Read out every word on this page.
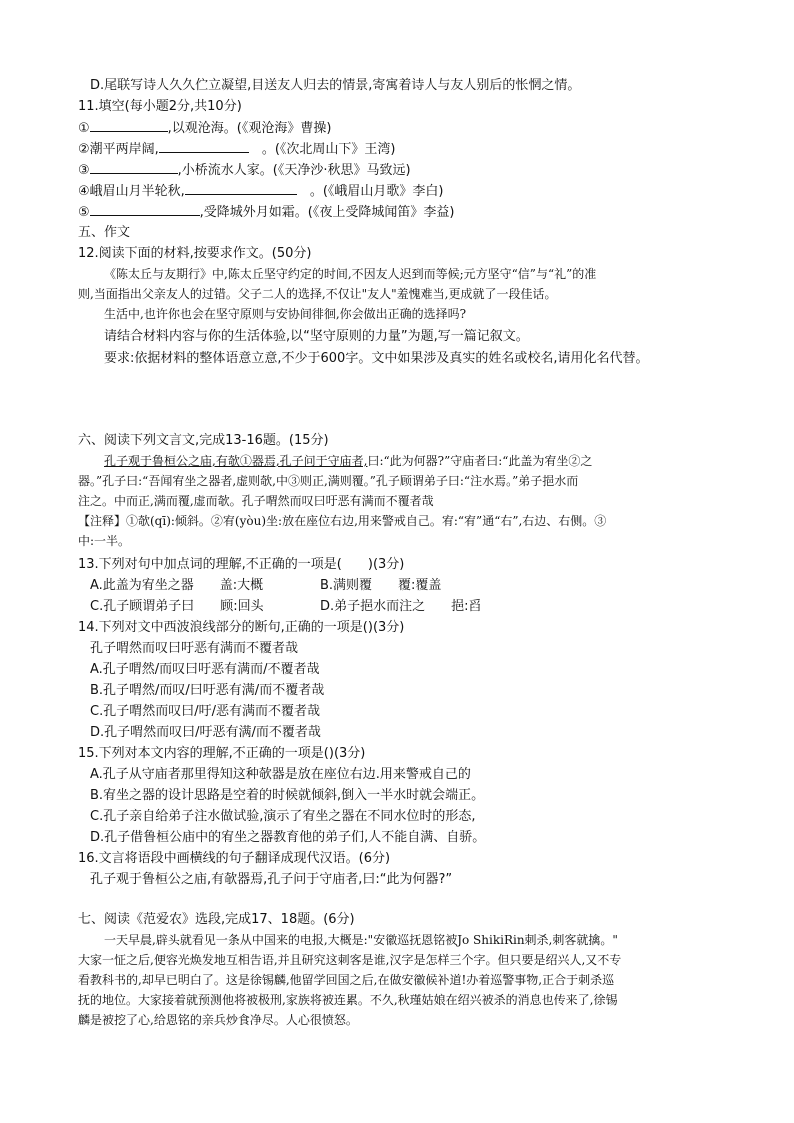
D.尾联写诗人久久伫立凝望,目送友人归去的情景,寄寓着诗人与友人别后的怅惘之情。
11.填空(每小题2分,共10分)
①	,以观沧海。(《观沧海》曹操)
②潮平两岸阔,　	。(《次北周山下》王湾)
③	,小桥流水人家。(《天净沙·秋思》马致远)
④峨眉山月半轮秋,　	。(《峨眉山月歌》李白)
⑤	,受降城外月如霜。(《夜上受降城闻笛》李益)
五、作文
12.阅读下面的材料,按要求作文。(50分)
《陈太丘与友期行》中,陈太丘坚守约定的时间,不因友人迟到而等候;元方坚守“信”与“礼”的准
则,当面指出父亲友人的过错。父子二人的选择,不仅让"友人"羞愧难当,更成就了一段佳话。
生活中,也许你也会在坚守原则与安协间徘徊,你会做出正确的选择吗?
请结合材料内容与你的生活体验,以“坚守原则的力量”为题,写一篇记叙文。
要求:依据材料的整体语意立意,不少于600字。文中如果涉及真实的姓名或校名,请用化名代替。
六、阅读下列文言文,完成13-16题。(15分)
孔子观于鲁桓公之庙,有欹①器焉,孔子问于守庙者,曰:“此为何器?”守庙者曰:“此盖为宥坐②之
器。”孔子曰:“吾闻宥坐之器者,虚则欹,中③则正,满则覆。”孔子顾谓弟子曰:“注水焉。”弟子挹水而
注之。中而正,满而覆,虚而欹。孔子喟然而叹曰吁恶有满而不覆者哉
【注释】①欹(qī):倾斜。②宥(yòu)坐:放在座位右边,用来警戒自己。宥:“宥”通“右”,右边、右侧。③
中:一半。
13.下列对句中加点词的理解,不正确的一项是(　　)(3分)
A.此盖为宥坐之器　　盖:大概	B.满则覆　　覆:覆盖
C.孔子顾谓弟子曰　　顾:回头	D.弟子挹水而注之　　挹:舀
14.下列对文中西波浪线部分的断句,正确的一项是()(3分)
孔子喟然而叹曰吁恶有满而不覆者哉
A.孔子喟然/而叹曰吁恶有满而/不覆者哉
B.孔子喟然/而叹/曰吁恶有满/而不覆者哉
C.孔子喟然而叹曰/吁/恶有满而不覆者哉
D.孔子喟然而叹曰/吁恶有满/而不覆者哉
15.下列对本文内容的理解,不正确的一项是()(3分)
A.孔子从守庙者那里得知这种欹器是放在座位右边.用来警戒自己的
B.宥坐之器的设计思路是空着的时候就倾斜,倒入一半水时就会端正。
C.孔子亲自给弟子注水做试验,演示了宥坐之器在不同水位时的形态,
D.孔子借鲁桓公庙中的宥坐之器教育他的弟子们,人不能自满、自骄。
16.文言将语段中画横线的句子翻译成现代汉语。(6分)
孔子观于鲁桓公之庙,有欹器焉,孔子问于守庙者,曰:“此为何器?”
七、阅读《范爱农》选段,完成17、18题。(6分)
一天早晨,辟头就看见一条从中国来的电报,大概是:"安徽巡抚恩铭被Jo ShikiRin刺杀,刺客就擒。"
大家一怔之后,便容光焕发地互相告语,并且研究这刺客是谁,汉字是怎样三个字。但只要是绍兴人,又不专
看教科书的,却早已明白了。这是徐锡麟,他留学回国之后,在做安徽候补道!办着巡警事物,正合于刺杀巡
抚的地位。大家接着就预测他将被极刑,家族将被连累。不久,秋瑾姑娘在绍兴被杀的消息也传来了,徐锡
麟是被挖了心,给恩铭的亲兵炒食净尽。人心很愤怒。
